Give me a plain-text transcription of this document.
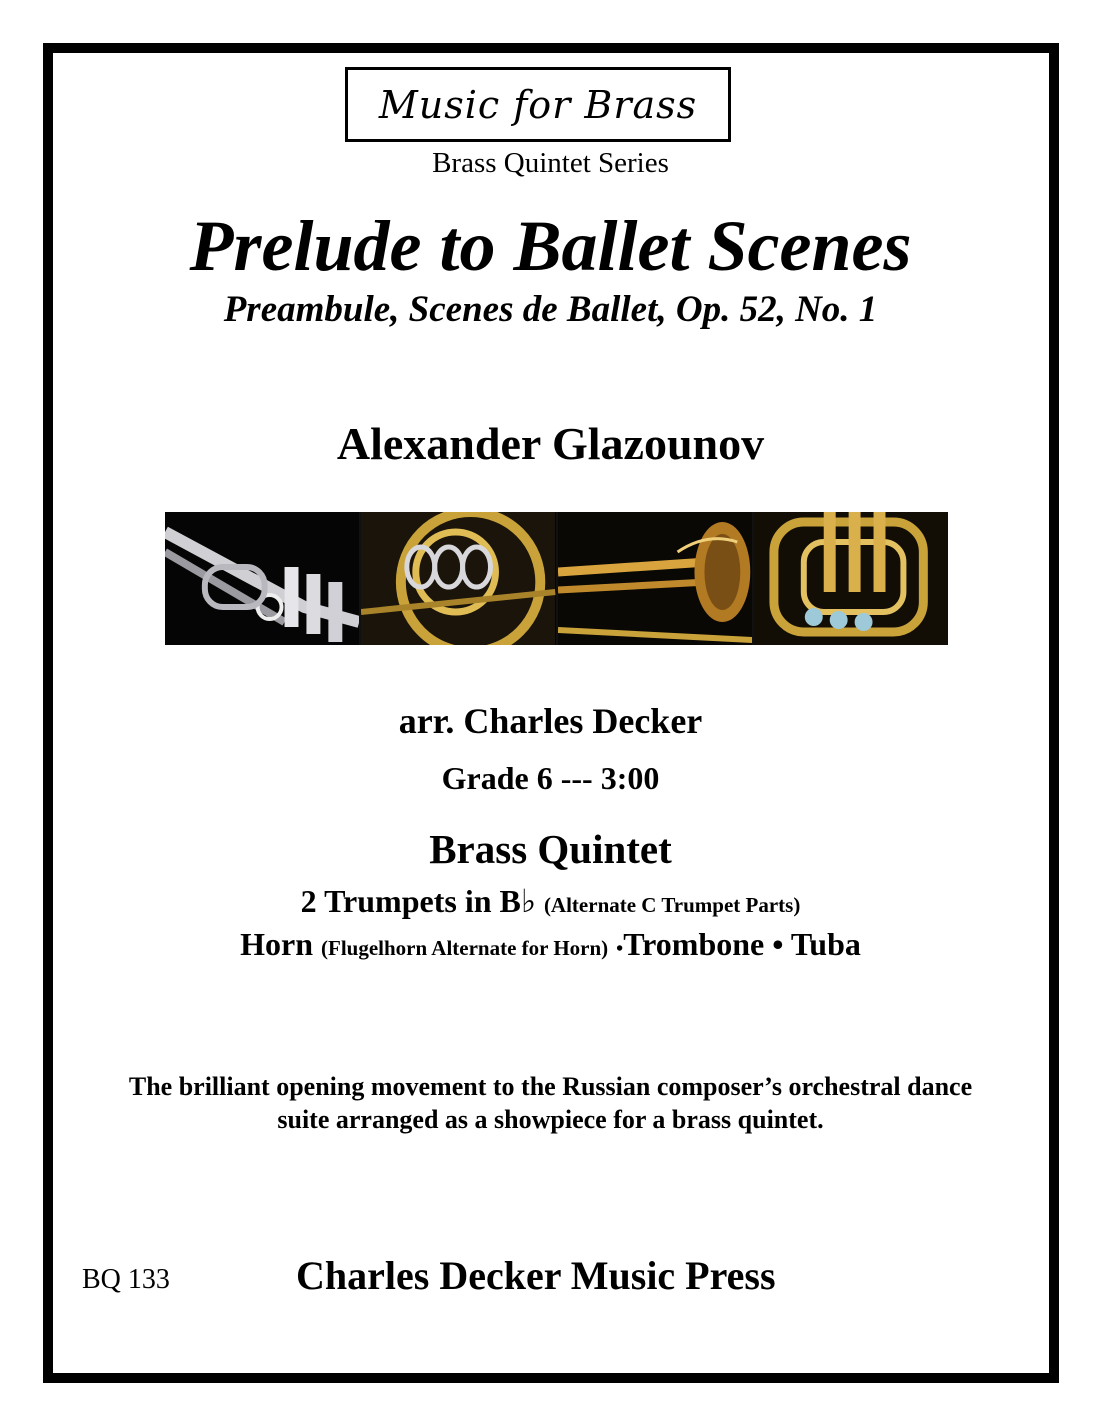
Music for Brass
Brass Quintet Series
Prelude to Ballet Scenes
Preambule, Scenes de Ballet, Op. 52, No. 1
Alexander Glazounov
arr. Charles Decker
Grade 6 --- 3:00
Brass Quintet
2 Trumpets in B♭ (Alternate C Trumpet Parts)
Horn (Flugelhorn Alternate for Horn) •Trombone • Tuba
The brilliant opening movement to the Russian composer’s orchestral dance
suite arranged as a showpiece for a brass quintet.
BQ 133	Charles Decker Music Press
